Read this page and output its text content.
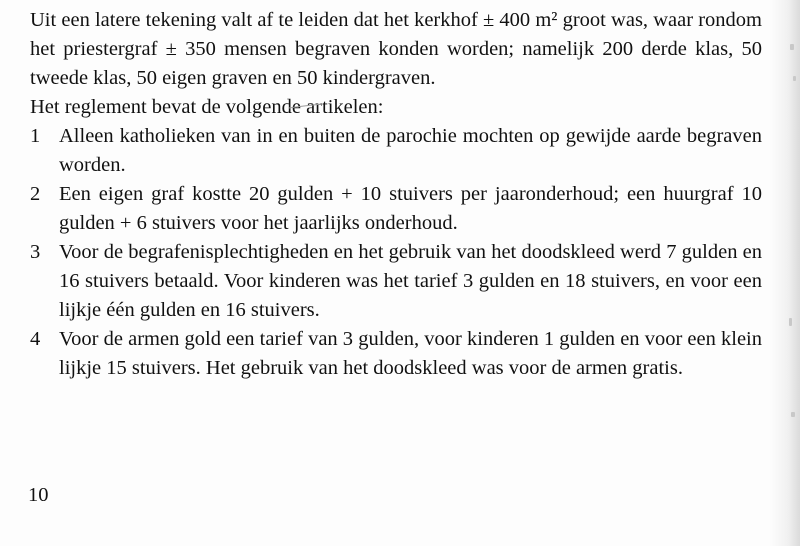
Uit een latere tekening valt af te leiden dat het kerkhof ± 400 m² groot was, waar rondom het priestergraf ± 350 mensen begraven konden worden; namelijk 200 derde klas, 50 tweede klas, 50 eigen graven en 50 kindergraven.

Het reglement bevat de volgende artikelen:

1 Alleen katholieken van in en buiten de parochie mochten op gewijde aarde begraven worden.
2 Een eigen graf kostte 20 gulden + 10 stuivers per jaaronderhoud; een huurgraf 10 gulden + 6 stuivers voor het jaarlijks onderhoud.
3 Voor de begrafenisplechtigheden en het gebruik van het doodskleed werd 7 gulden en 16 stuivers betaald. Voor kinderen was het tarief 3 gulden en 18 stuivers, en voor een lijkje één gulden en 16 stuivers.
4 Voor de armen gold een tarief van 3 gulden, voor kinderen 1 gulden en voor een klein lijkje 15 stuivers. Het gebruik van het doodskleed was voor de armen gratis.
10
